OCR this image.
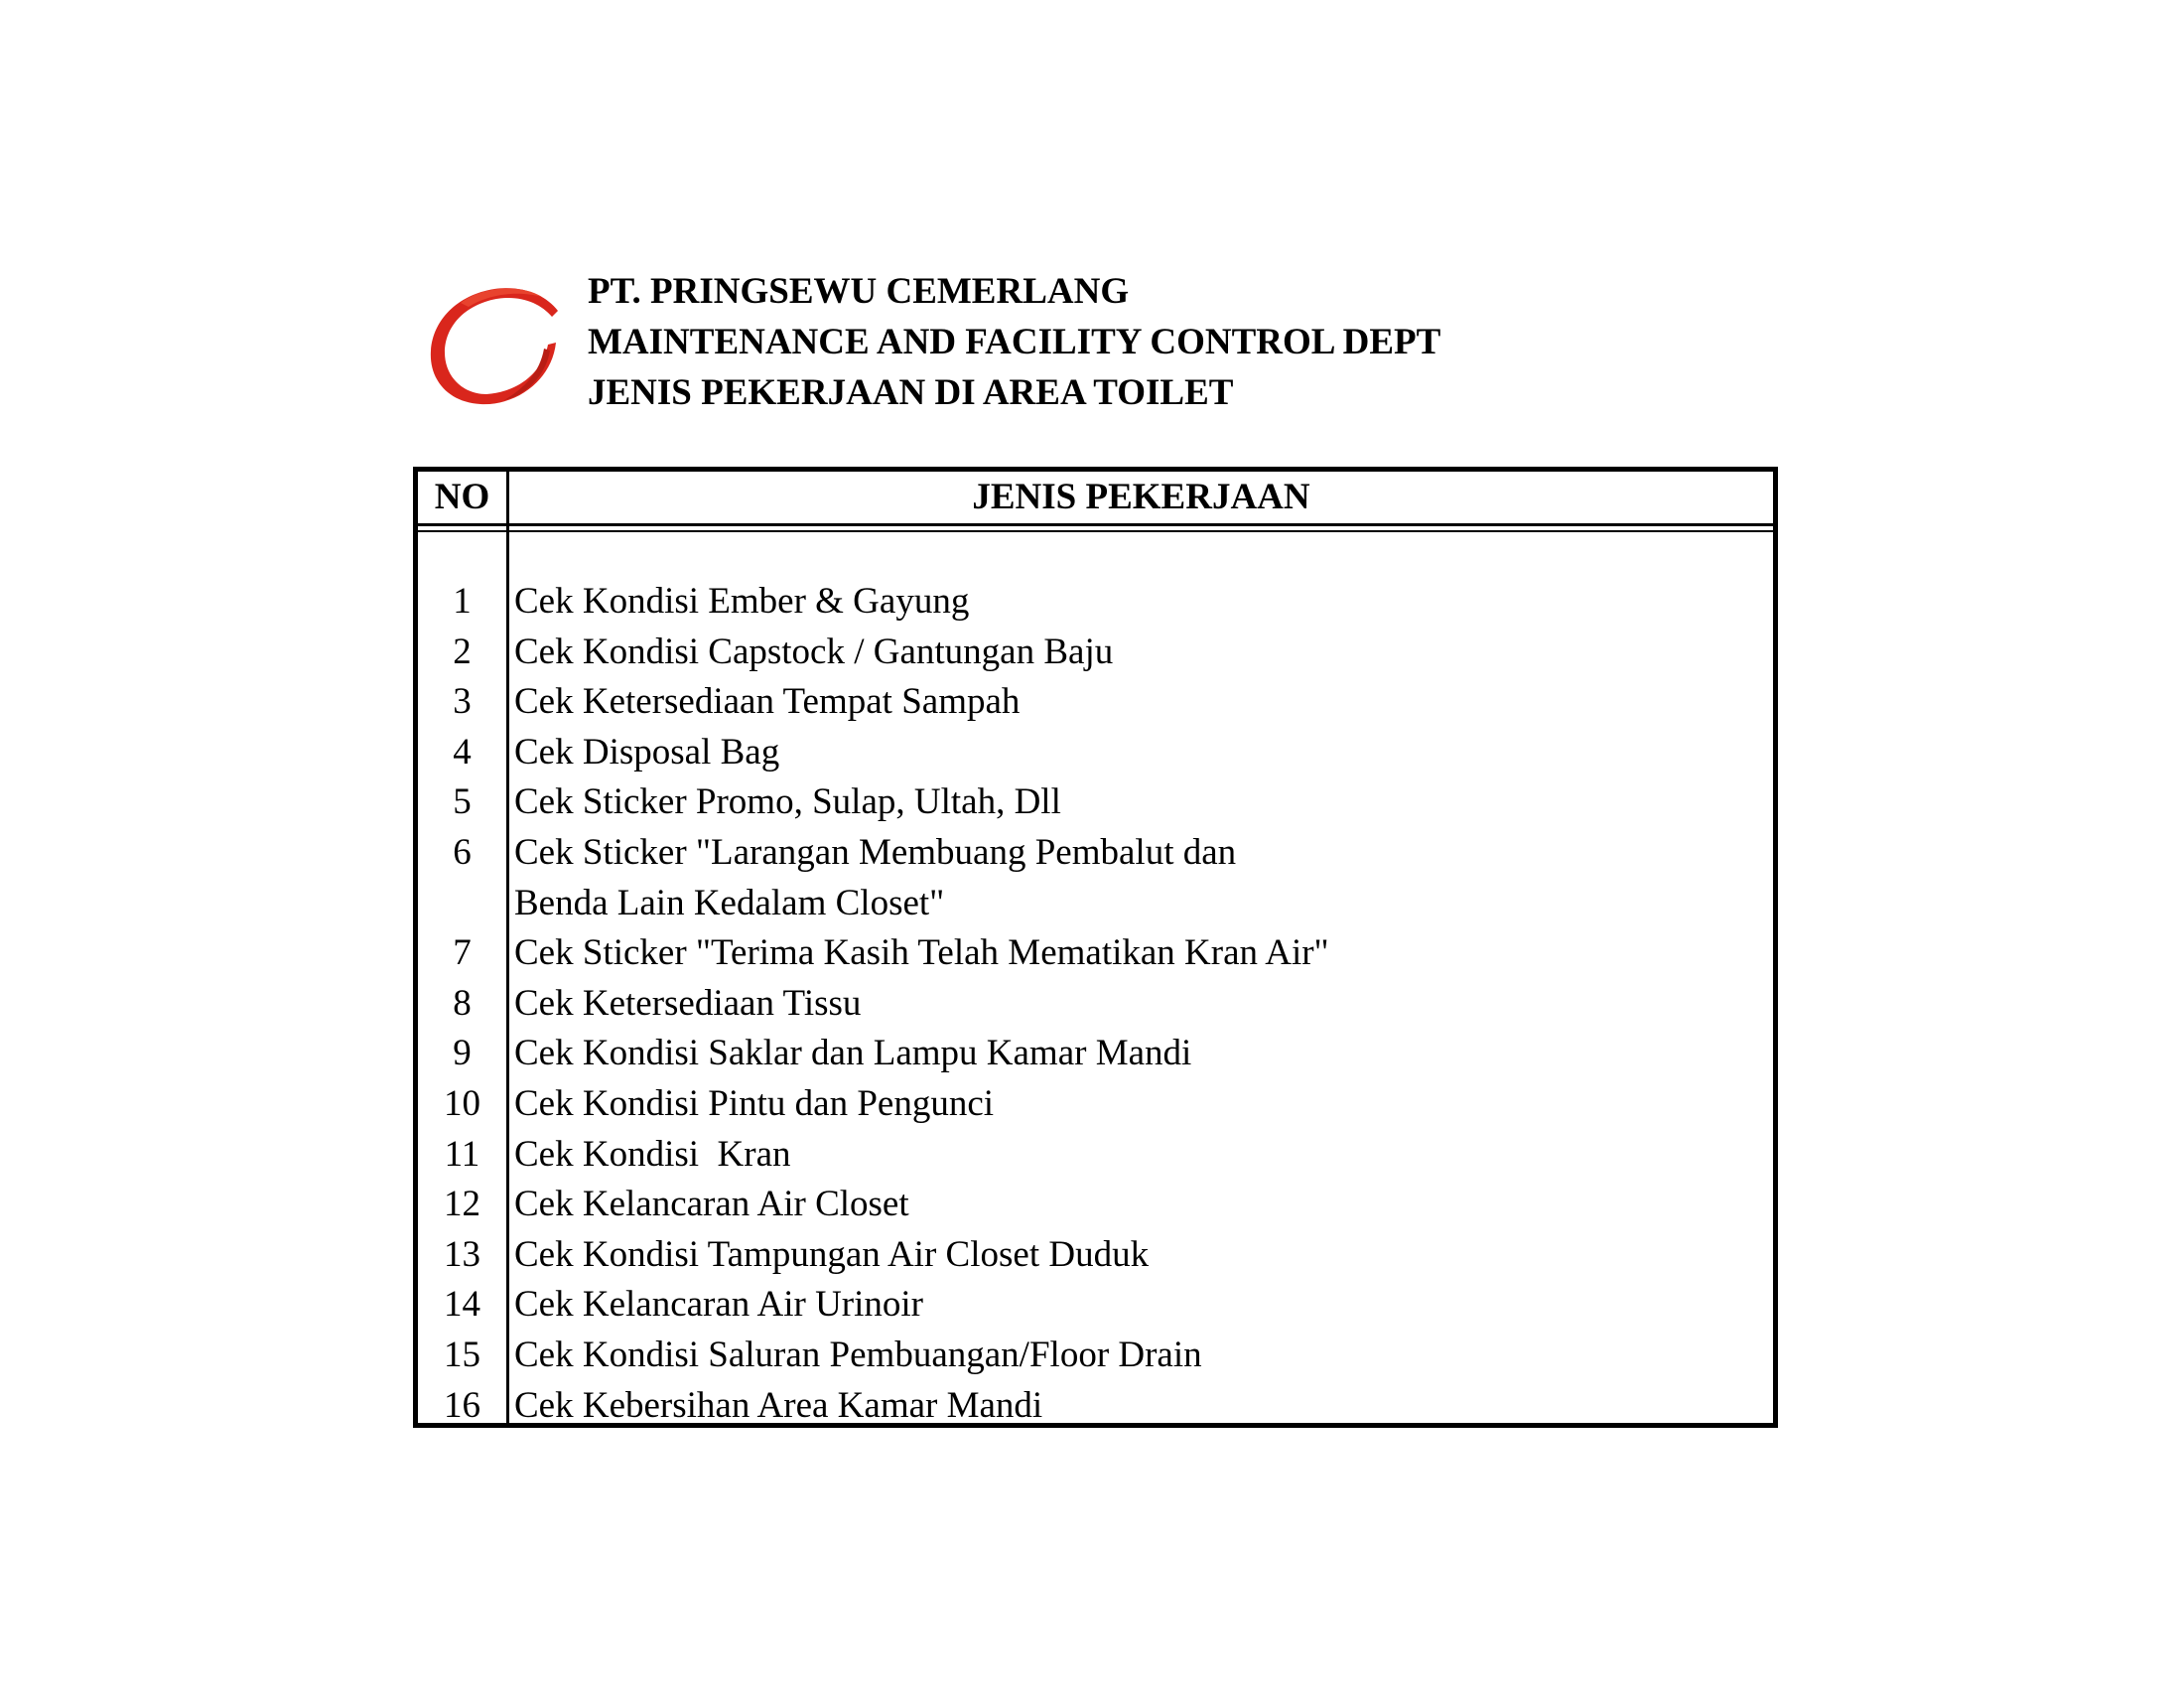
PT. PRINGSEWU CEMERLANG
MAINTENANCE AND FACILITY CONTROL DEPT
JENIS PEKERJAAN DI AREA TOILET
NO	JENIS PEKERJAAN
1	Cek Kondisi Ember & Gayung
2	Cek Kondisi Capstock / Gantungan Baju
3	Cek Ketersediaan Tempat Sampah
4	Cek Disposal Bag
5	Cek Sticker Promo, Sulap, Ultah, Dll
6	Cek Sticker "Larangan Membuang Pembalut dan
Benda Lain Kedalam Closet"
7	Cek Sticker "Terima Kasih Telah Mematikan Kran Air"
8	Cek Ketersediaan Tissu
9	Cek Kondisi Saklar dan Lampu Kamar Mandi
10 Cek Kondisi Pintu dan Pengunci
11 Cek Kondisi  Kran
12 Cek Kelancaran Air Closet
13 Cek Kondisi Tampungan Air Closet Duduk
14 Cek Kelancaran Air Urinoir
15 Cek Kondisi Saluran Pembuangan/Floor Drain
16 Cek Kebersihan Area Kamar Mandi
